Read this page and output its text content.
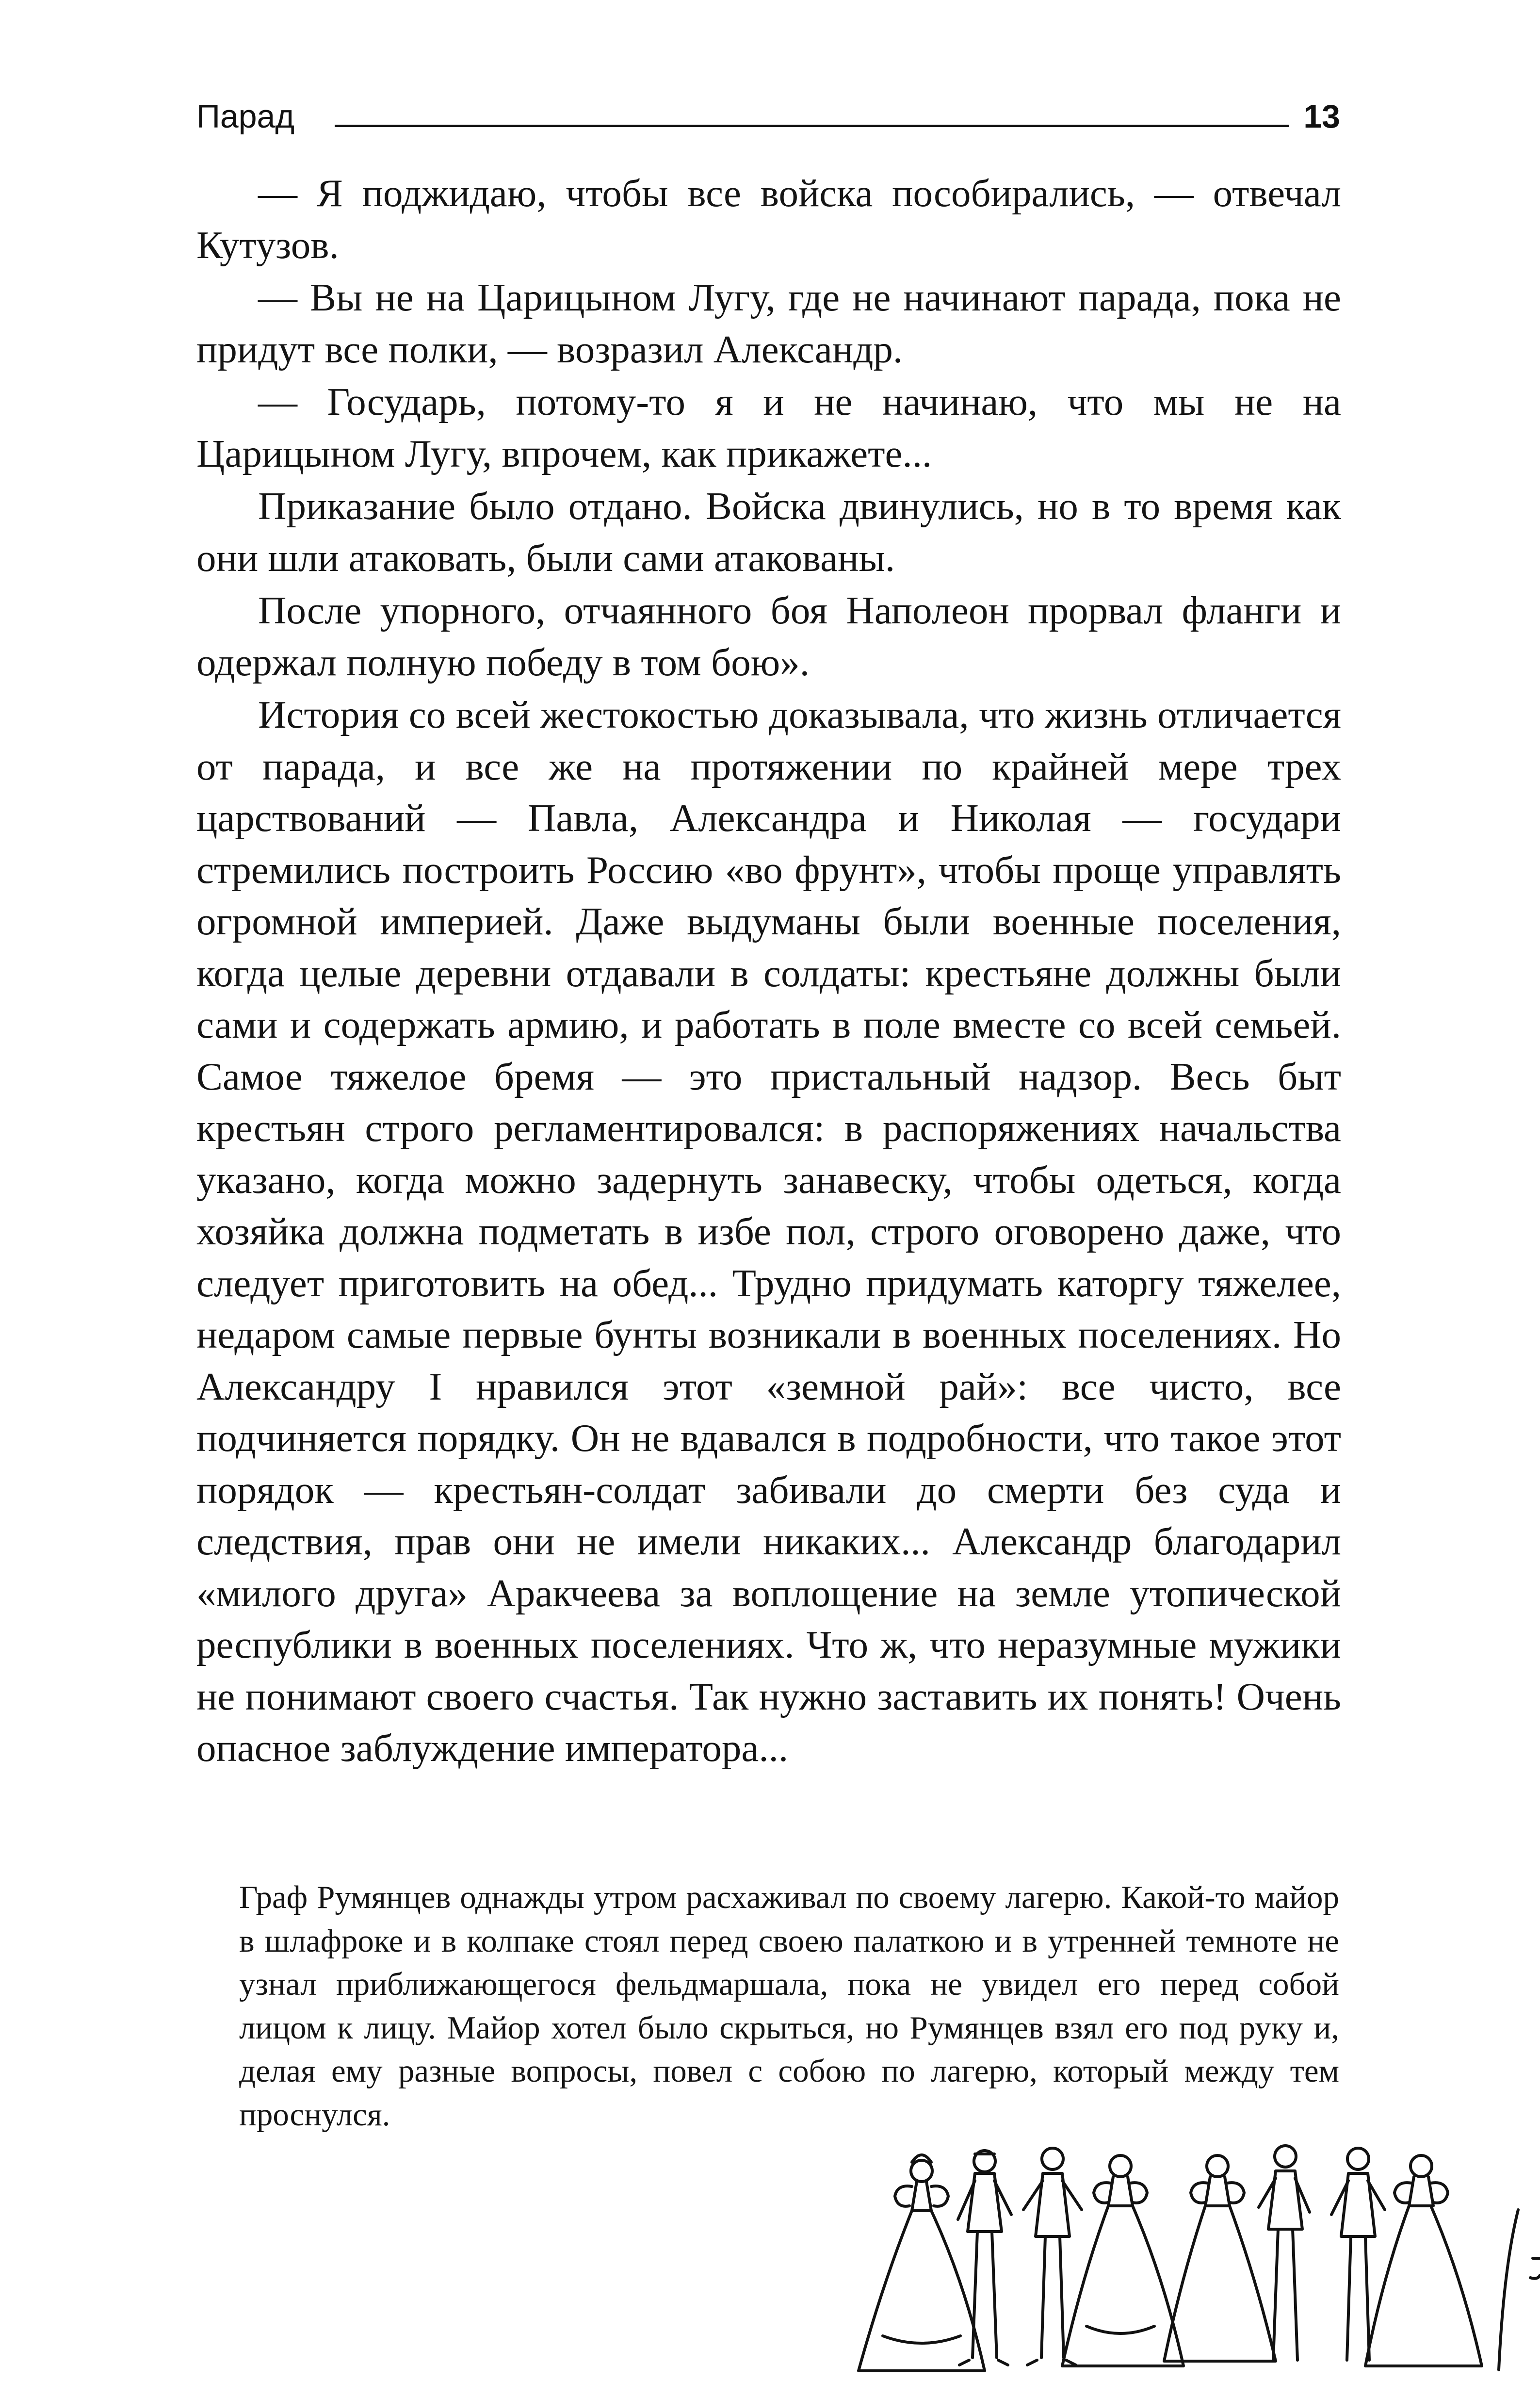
Парад	13

— Я поджидаю, чтобы все войска пособирались, — отвечал Кутузов.

— Вы не на Царицыном Лугу, где не начинают парада, пока не придут все полки, — возразил Александр.

— Государь, потому-то я и не начинаю, что мы не на Царицыном Лугу, впрочем, как прикажете...

Приказание было отдано. Войска двинулись, но в то время как они шли атаковать, были сами атакованы.

После упорного, отчаянного боя Наполеон прорвал фланги и одержал полную победу в том бою».

История со всей жестокостью доказывала, что жизнь отличается от парада, и все же на протяжении по крайней мере трех царствований — Павла, Александра и Николая — государи стремились построить Россию «во фрунт», чтобы проще управлять огромной империей. Даже выдуманы были военные поселения, когда целые деревни отдавали в солдаты: крестьяне должны были сами и содержать армию, и работать в поле вместе со всей семьей. Самое тяжелое бремя — это пристальный надзор. Весь быт крестьян строго регламентировался: в распоряжениях начальства указано, когда можно задернуть занавеску, чтобы одеться, когда хозяйка должна подметать в избе пол, строго оговорено даже, что следует приготовить на обед... Трудно придумать каторгу тяжелее, недаром самые первые бунты возникали в военных поселениях. Но Александру I нравился этот «земной рай»: все чисто, все подчиняется порядку. Он не вдавался в подробности, что такое этот порядок — крестьян-солдат забивали до смерти без суда и следствия, прав они не имели никаких... Александр благодарил «милого друга» Аракчеева за воплощение на земле утопической республики в военных поселениях. Что ж, что неразумные мужики не понимают своего счастья. Так нужно заставить их понять! Очень опасное заблуждение императора...

Граф Румянцев однажды утром расхаживал по своему лагерю. Какой-то майор в шлафроке и в колпаке стоял перед своею палаткою и в утренней темноте не узнал приближающегося фельдмаршала, пока не увидел его перед собой лицом к лицу. Майор хотел было скрыться, но Румянцев взял его под руку и, делая ему разные вопросы, повел с собою по лагерю, который между тем проснулся.
